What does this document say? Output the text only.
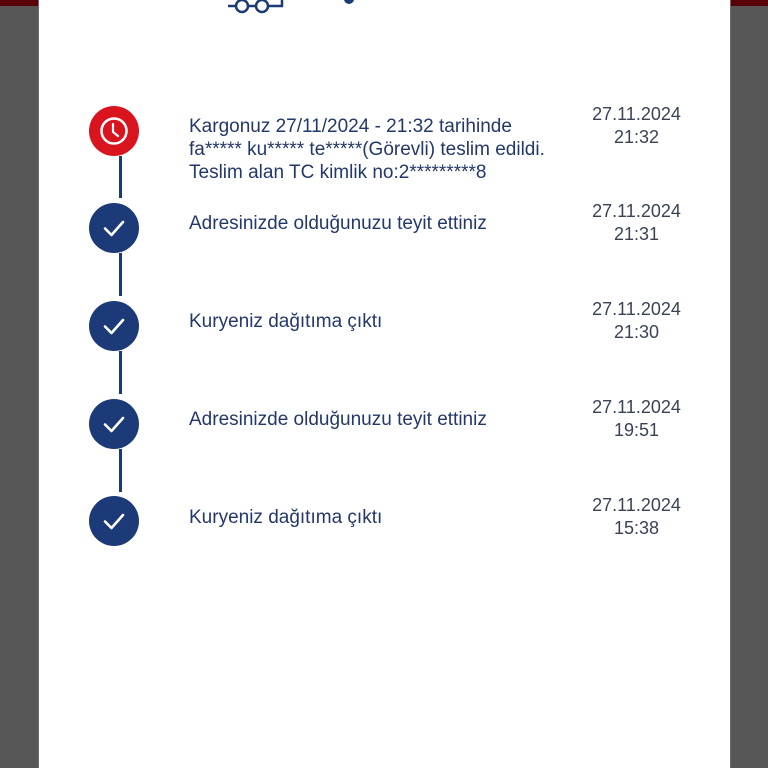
Kargonuz 27/11/2024 - 21:32 tarihinde fa***** ku***** te*****(Görevli) teslim edildi. Teslim alan TC kimlik no:2*********8
27.11.2024
21:32
Adresinizde olduğunuzu teyit ettiniz
27.11.2024
21:31
Kuryeniz dağıtıma çıktı
27.11.2024
21:30
Adresinizde olduğunuzu teyit ettiniz
27.11.2024
19:51
Kuryeniz dağıtıma çıktı
27.11.2024
15:38
